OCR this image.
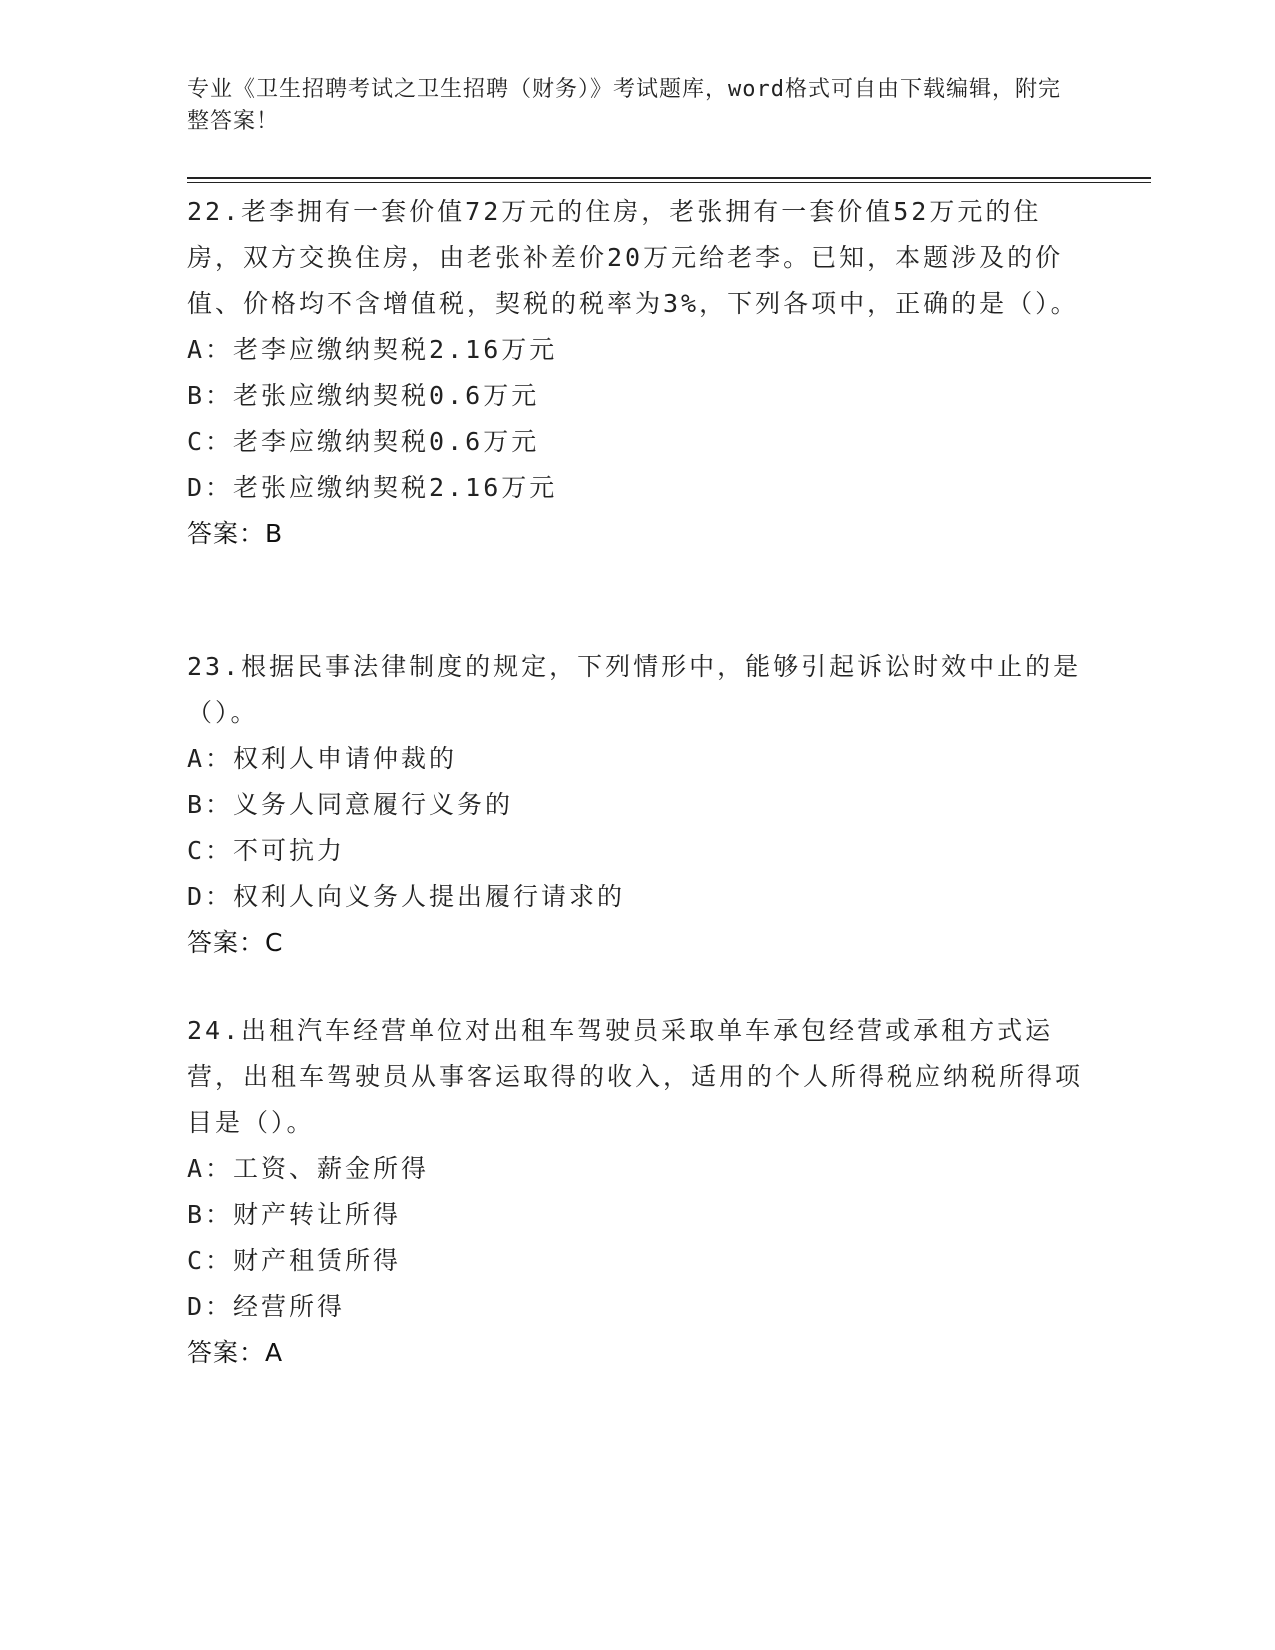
专业《卫生招聘考试之卫生招聘（财务）》考试题库，word格式可自由下载编辑，附完整答案！

22.老李拥有一套价值72万元的住房，老张拥有一套价值52万元的住房，双方交换住房，由老张补差价20万元给老李。已知，本题涉及的价值、价格均不含增值税，契税的税率为3%，下列各项中，正确的是（）。

A：老李应缴纳契税2.16万元

B：老张应缴纳契税0.6万元

C：老李应缴纳契税0.6万元

D：老张应缴纳契税2.16万元

答案：B

23.根据民事法律制度的规定，下列情形中，能够引起诉讼时效中止的是（）。

A：权利人申请仲裁的

B：义务人同意履行义务的

C：不可抗力

D：权利人向义务人提出履行请求的

答案：C

24.出租汽车经营单位对出租车驾驶员采取单车承包经营或承租方式运营，出租车驾驶员从事客运取得的收入，适用的个人所得税应纳税所得项目是（）。

A：工资、薪金所得

B：财产转让所得

C：财产租赁所得

D：经营所得

答案：A
